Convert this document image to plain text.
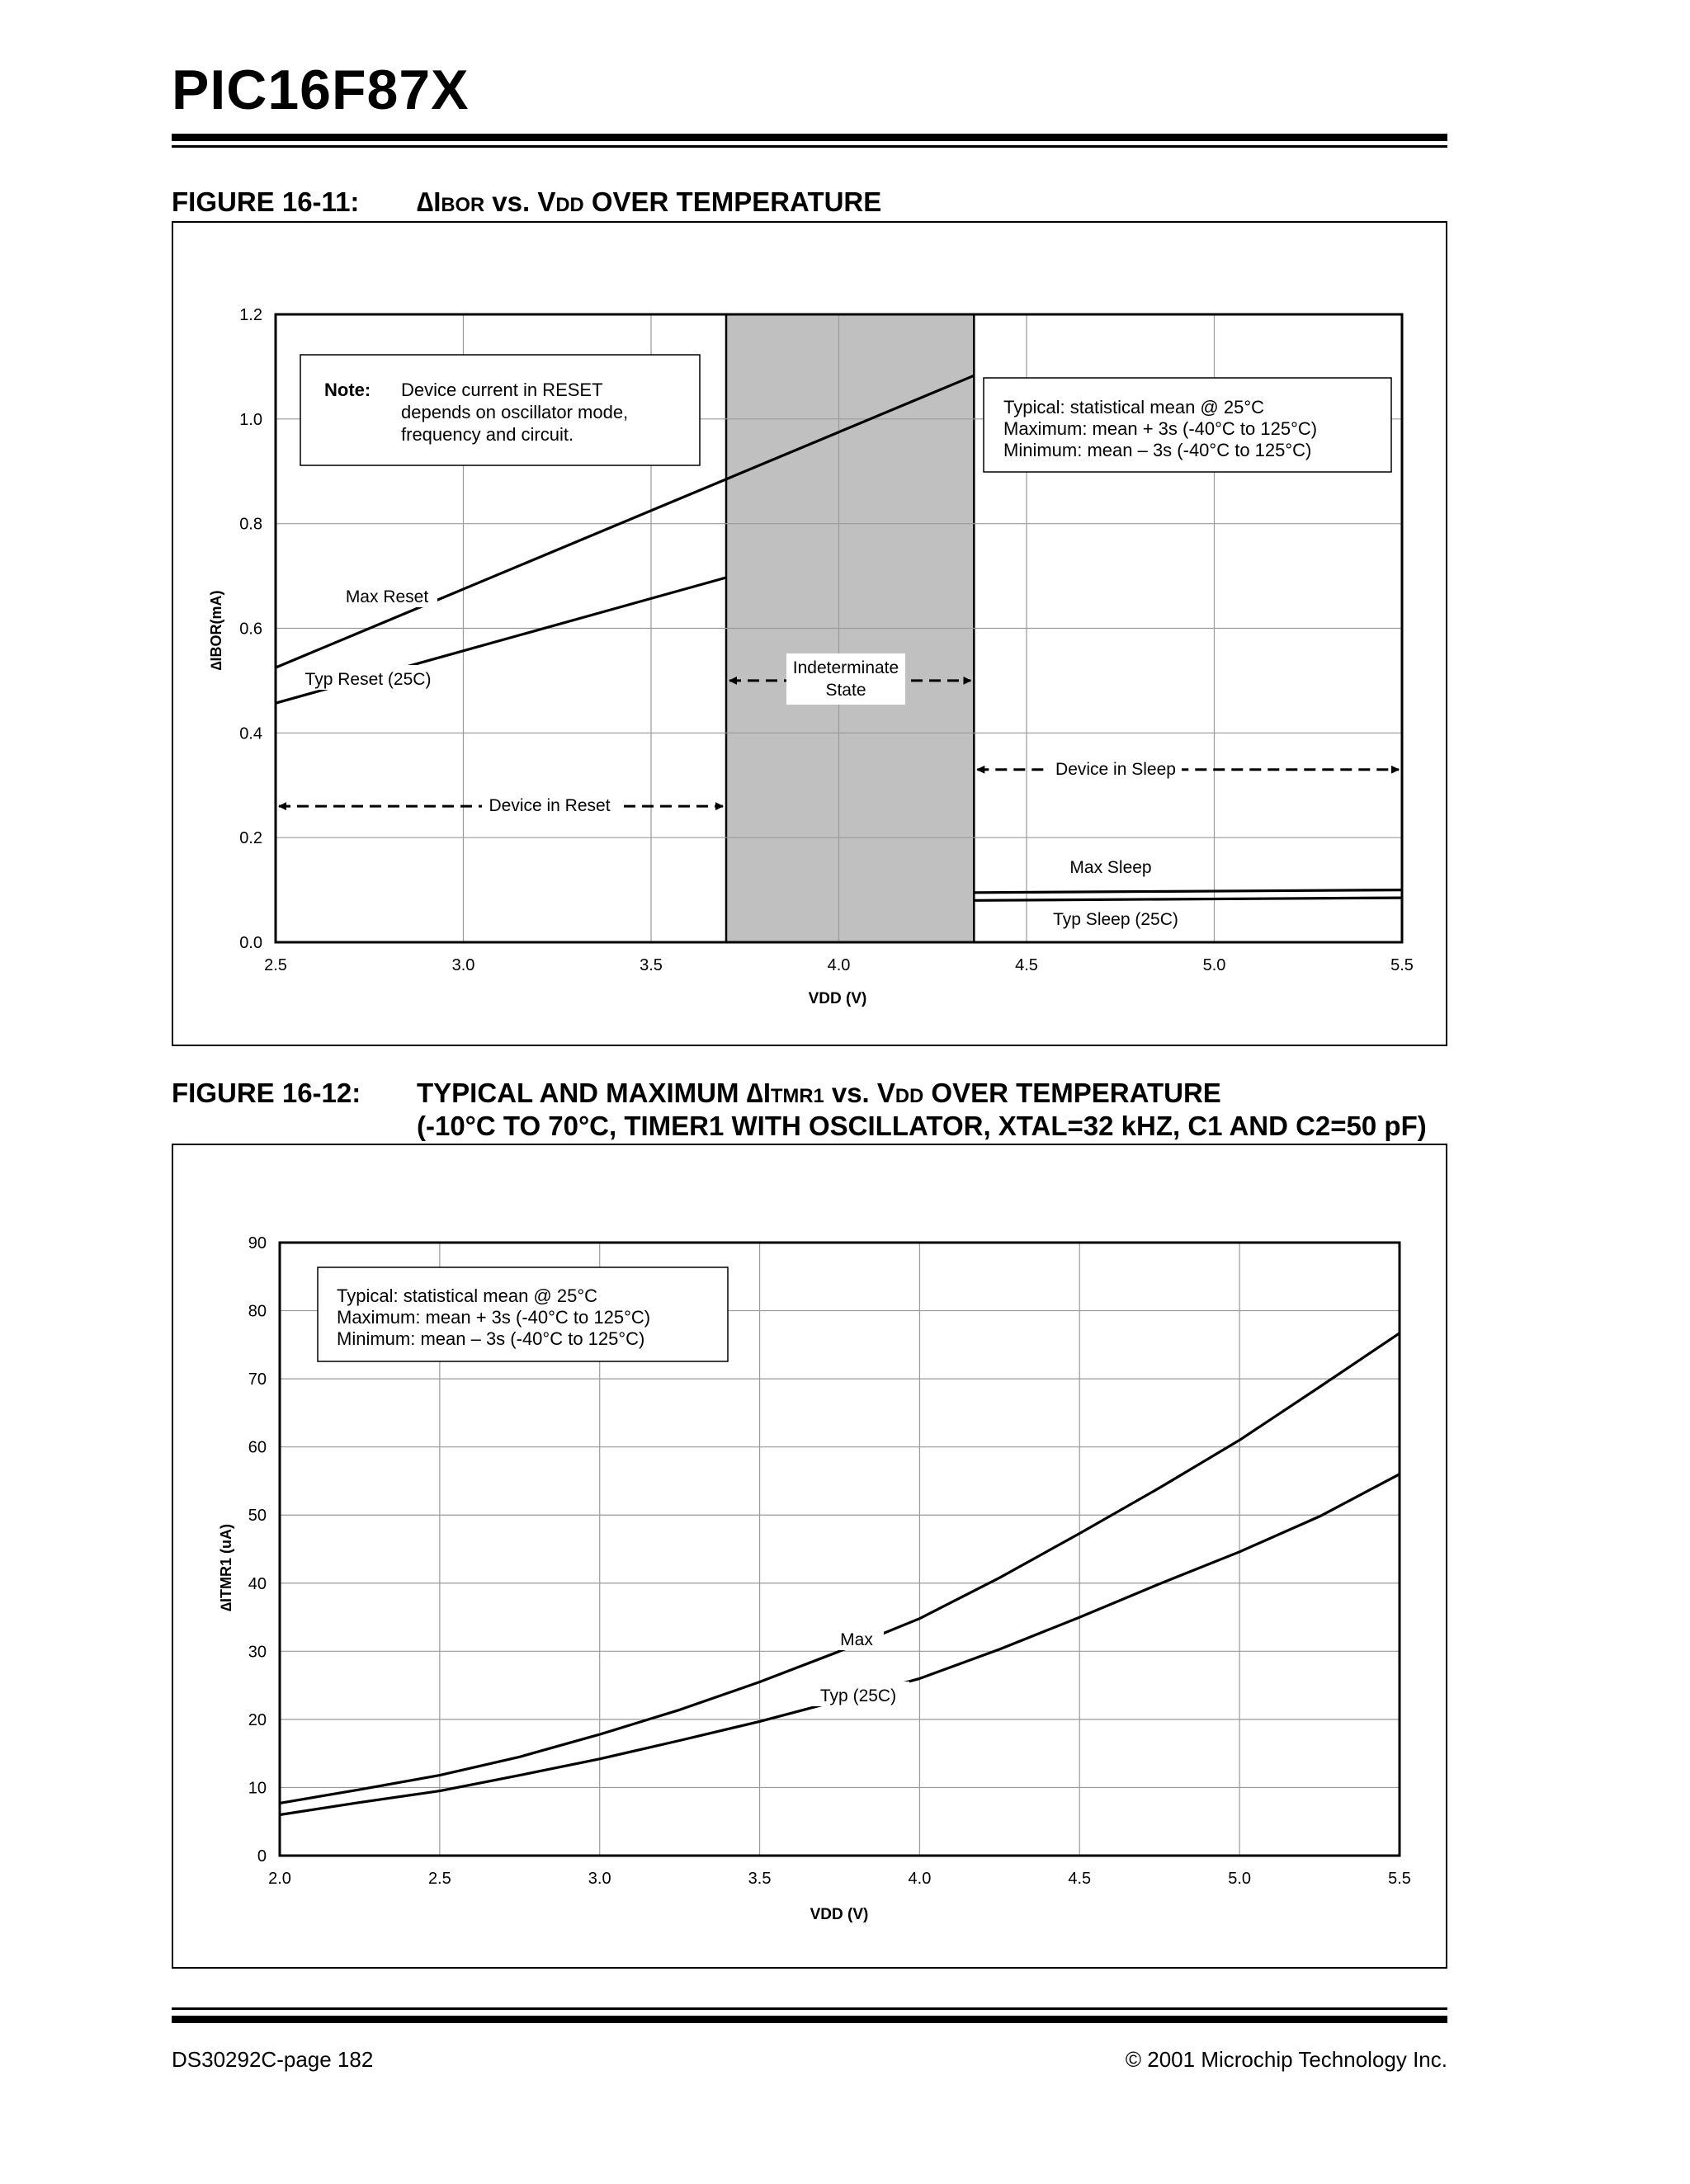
PIC16F87X
FIGURE 16-11: ∆IBOR vs. VDD OVER TEMPERATURE
FIGURE 16-12: TYPICAL AND MAXIMUM ∆ITMR1 vs. VDD OVER TEMPERATURE
(-10°C TO 70°C, TIMER1 WITH OSCILLATOR, XTAL=32 kHZ, C1 AND C2=50 pF)
2.5	3.0	3.5	4.0	4.5	5.0	5.5
0.0
0.2
0.4
0.6
0.8
1.0
1.2
Note: Device current in RESET
depends on oscillator mode,
frequency and circuit.
Typical: statistical mean @ 25°C
Maximum: mean + 3s (-40°C to 125°C)
Minimum: mean – 3s (-40°C to 125°C)
Indeterminate
State
Device in Reset
Device in Sleep
Max Reset
Typ Reset (25C)
Max Sleep
Typ Sleep (25C)
VDD (V)
∆IBOR(mA)
2.0	2.5	3.0	3.5	4.0	4.5	5.0	5.5
0
10
20
30
40
50
60
70
80
90
Typical: statistical mean @ 25°C
Maximum: mean + 3s (-40°C to 125°C)
Minimum: mean – 3s (-40°C to 125°C)
Max
Typ (25C)
VDD (V)
∆ITMR1 (uA)
DS30292C-page 182	© 2001 Microchip Technology Inc.
